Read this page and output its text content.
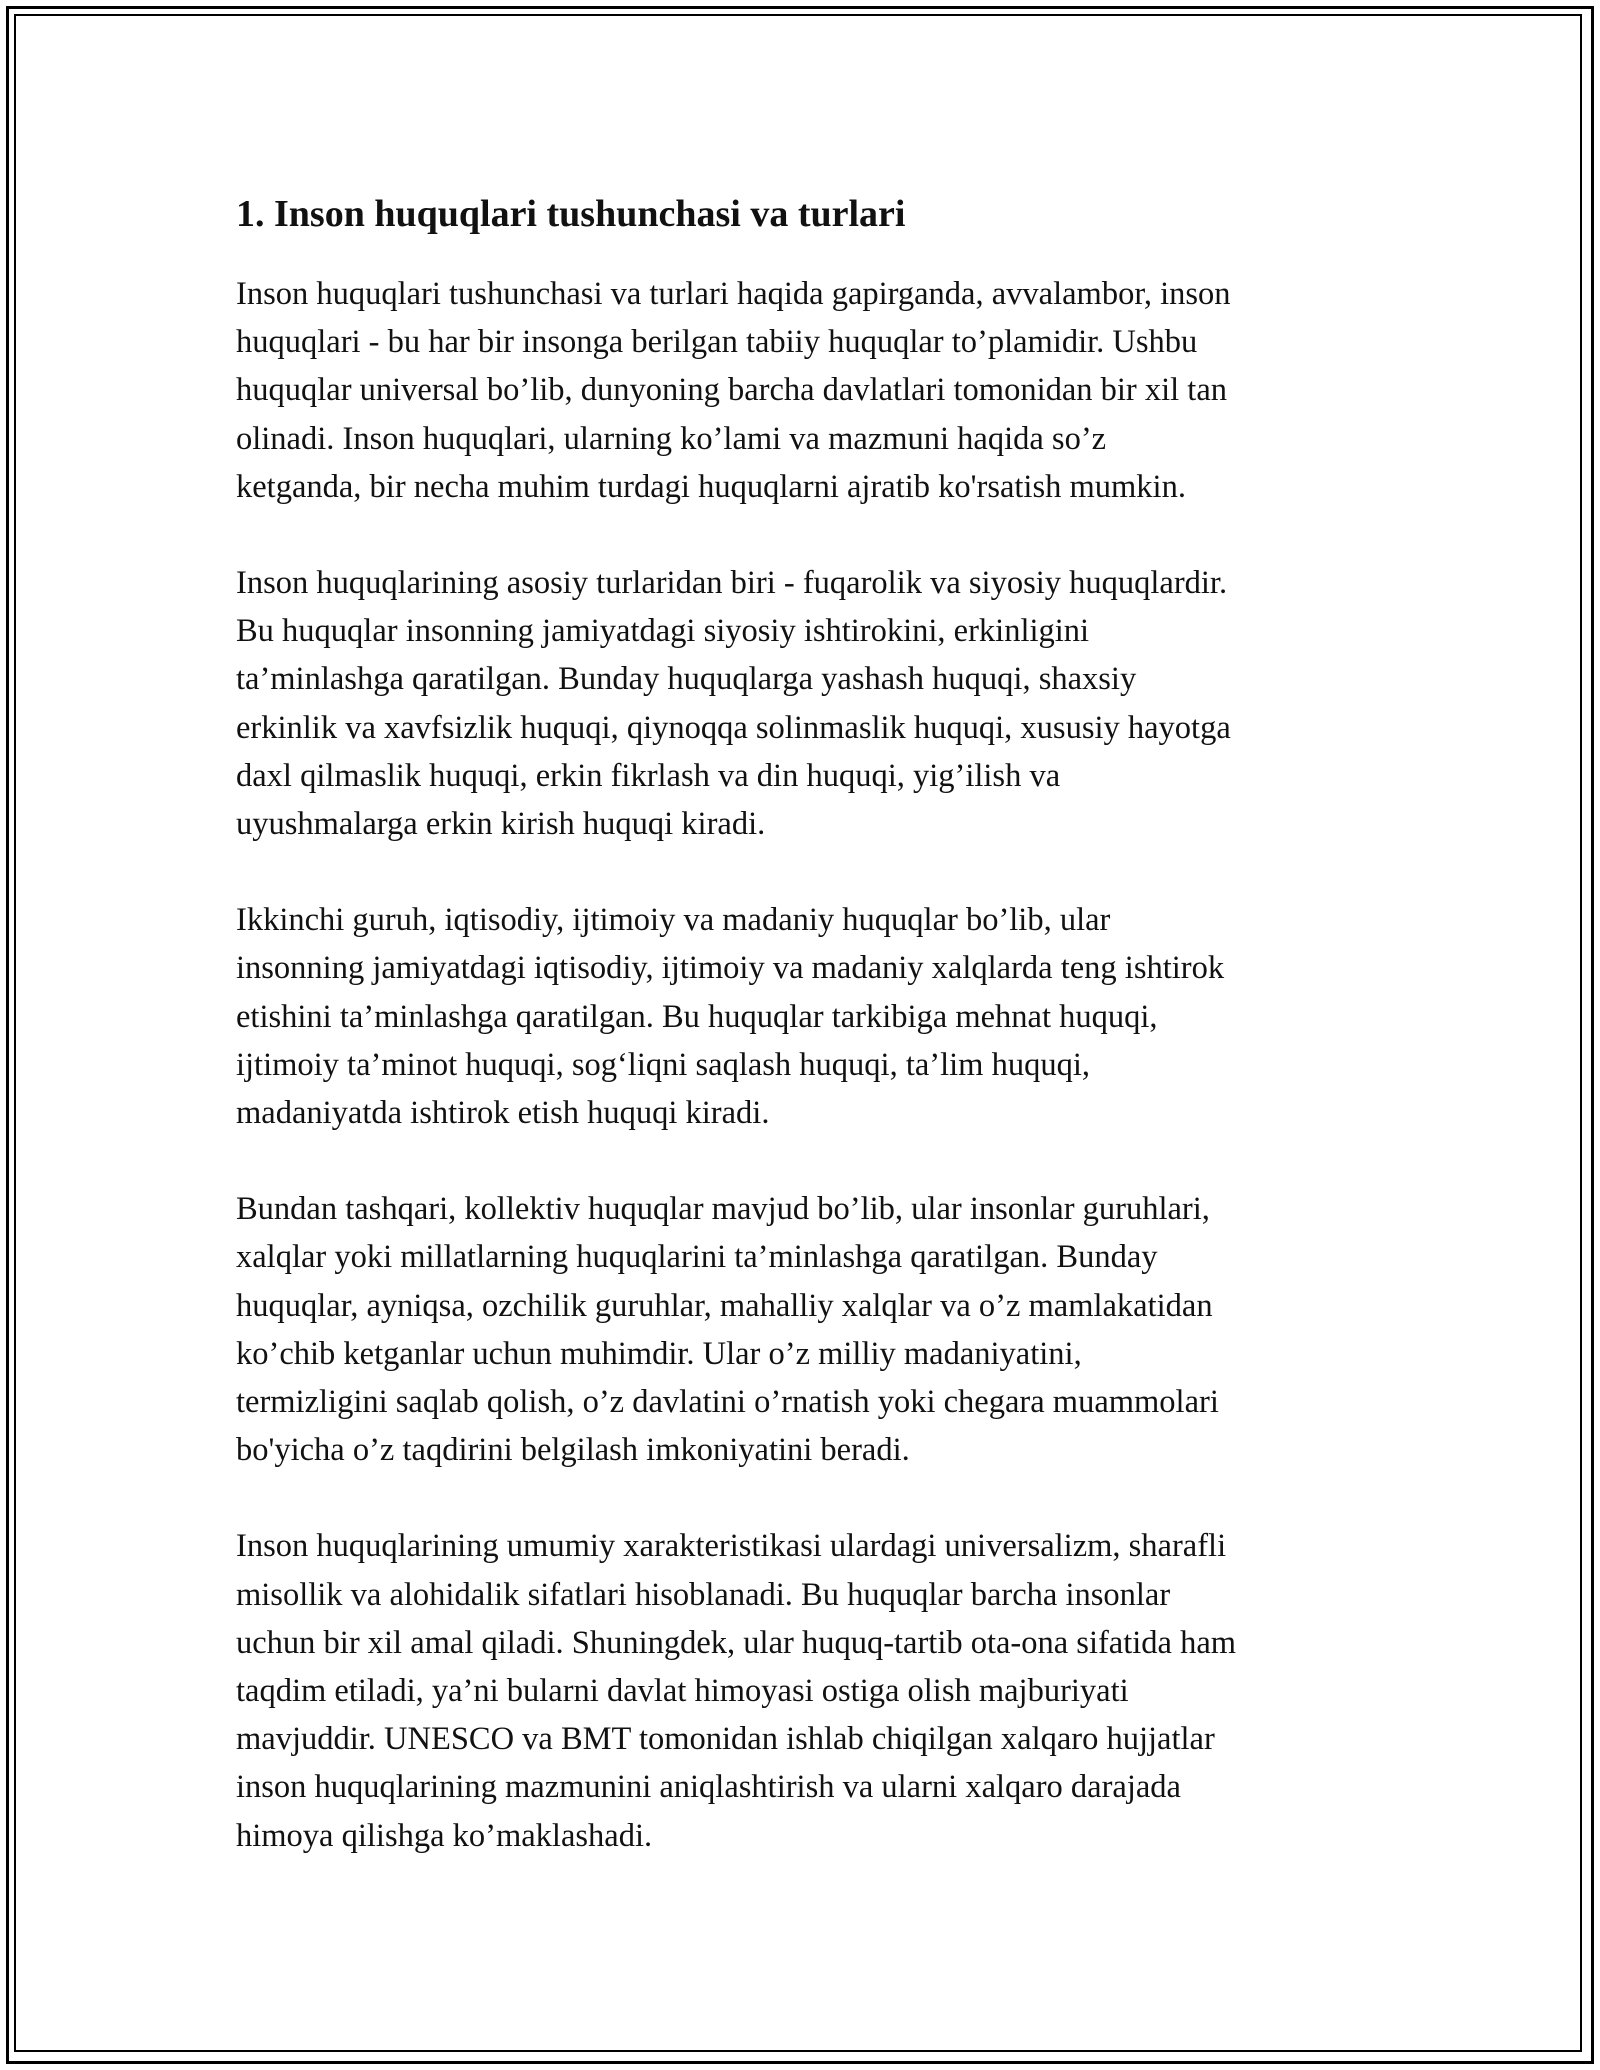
1. Inson huquqlari tushunchasi va turlari

Inson huquqlari tushunchasi va turlari haqida gapirganda, avvalambor, inson
huquqlari - bu har bir insonga berilgan tabiiy huquqlar to’plamidir. Ushbu
huquqlar universal bo’lib, dunyoning barcha davlatlari tomonidan bir xil tan
olinadi. Inson huquqlari, ularning ko’lami va mazmuni haqida so’z
ketganda, bir necha muhim turdagi huquqlarni ajratib ko'rsatish mumkin.

Inson huquqlarining asosiy turlaridan biri - fuqarolik va siyosiy huquqlardir.
Bu huquqlar insonning jamiyatdagi siyosiy ishtirokini, erkinligini
ta’minlashga qaratilgan. Bunday huquqlarga yashash huquqi, shaxsiy
erkinlik va xavfsizlik huquqi, qiynoqqa solinmaslik huquqi, xususiy hayotga
daxl qilmaslik huquqi, erkin fikrlash va din huquqi, yig’ilish va
uyushmalarga erkin kirish huquqi kiradi.

Ikkinchi guruh, iqtisodiy, ijtimoiy va madaniy huquqlar bo’lib, ular
insonning jamiyatdagi iqtisodiy, ijtimoiy va madaniy xalqlarda teng ishtirok
etishini ta’minlashga qaratilgan. Bu huquqlar tarkibiga mehnat huquqi,
ijtimoiy ta’minot huquqi, sog‘liqni saqlash huquqi, ta’lim huquqi,
madaniyatda ishtirok etish huquqi kiradi.

Bundan tashqari, kollektiv huquqlar mavjud bo’lib, ular insonlar guruhlari,
xalqlar yoki millatlarning huquqlarini ta’minlashga qaratilgan. Bunday
huquqlar, ayniqsa, ozchilik guruhlar, mahalliy xalqlar va o’z mamlakatidan
ko’chib ketganlar uchun muhimdir. Ular o’z milliy madaniyatini,
termizligini saqlab qolish, o’z davlatini o’rnatish yoki chegara muammolari
bo'yicha o’z taqdirini belgilash imkoniyatini beradi.

Inson huquqlarining umumiy xarakteristikasi ulardagi universalizm, sharafli
misollik va alohidalik sifatlari hisoblanadi. Bu huquqlar barcha insonlar
uchun bir xil amal qiladi. Shuningdek, ular huquq-tartib ota-ona sifatida ham
taqdim etiladi, ya’ni bularni davlat himoyasi ostiga olish majburiyati
mavjuddir. UNESCO va BMT tomonidan ishlab chiqilgan xalqaro hujjatlar
inson huquqlarining mazmunini aniqlashtirish va ularni xalqaro darajada
himoya qilishga ko’maklashadi.
